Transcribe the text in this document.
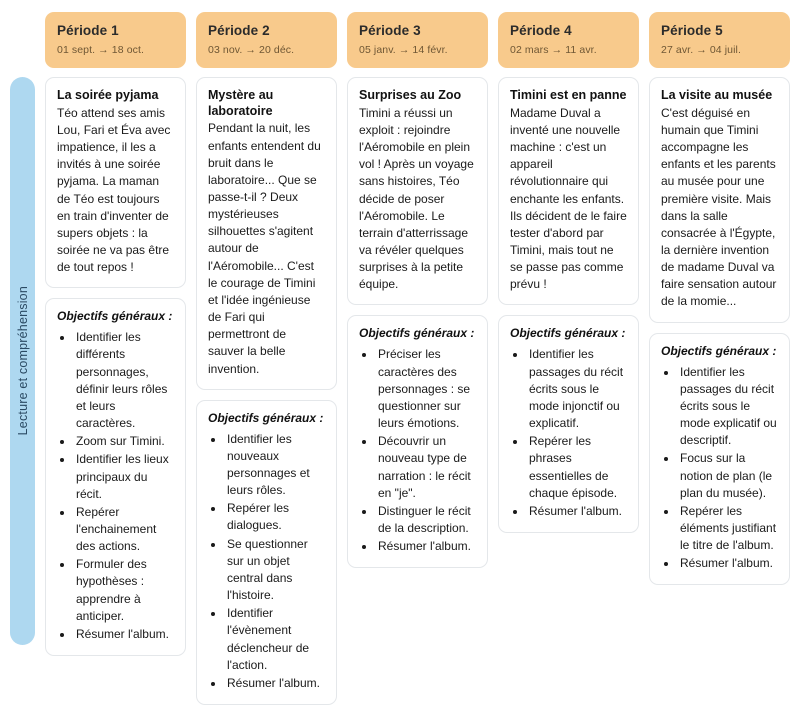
Période 1
01 sept. → 18 oct.
Période 2
03 nov. → 20 déc.
Période 3
05 janv. → 14 févr.
Période 4
02 mars → 11 avr.
Période 5
27 avr. → 04 juil.
Lecture et compréhension
La soirée pyjama
Téo attend ses amis Lou, Fari et Éva avec impatience, il les a invités à une soirée pyjama. La maman de Téo est toujours en train d'inventer de supers objets : la soirée ne va pas être de tout repos !
Objectifs généraux :
• Identifier les différents personnages, définir leurs rôles et leurs caractères.
• Zoom sur Timini.
• Identifier les lieux principaux du récit.
• Repérer l'enchainement des actions.
• Formuler des hypothèses : apprendre à anticiper.
• Résumer l'album.
Mystère au laboratoire
Pendant la nuit, les enfants entendent du bruit dans le laboratoire... Que se passe-t-il ? Deux mystérieuses silhouettes s'agitent autour de l'Aéromobile... C'est le courage de Timini et l'idée ingénieuse de Fari qui permettront de sauver la belle invention.
Objectifs généraux :
• Identifier les nouveaux personnages et leurs rôles.
• Repérer les dialogues.
• Se questionner sur un objet central dans l'histoire.
• Identifier l'évènement déclencheur de l'action.
• Résumer l'album.
Surprises au Zoo
Timini a réussi un exploit : rejoindre l'Aéromobile en plein vol ! Après un voyage sans histoires, Téo décide de poser l'Aéromobile. Le terrain d'atterrissage va révéler quelques surprises à la petite équipe.
Objectifs généraux :
• Préciser les caractères des personnages : se questionner sur leurs émotions.
• Découvrir un nouveau type de narration : le récit en "je".
• Distinguer le récit de la description.
• Résumer l'album.
Timini est en panne
Madame Duval a inventé une nouvelle machine : c'est un appareil révolutionnaire qui enchante les enfants. Ils décident de le faire tester d'abord par Timini, mais tout ne se passe pas comme prévu !
Objectifs généraux :
• Identifier les passages du récit écrits sous le mode injonctif ou explicatif.
• Repérer les phrases essentielles de chaque épisode.
• Résumer l'album.
La visite au musée
C'est déguisé en humain que Timini accompagne les enfants et les parents au musée pour une première visite. Mais dans la salle consacrée à l'Égypte, la dernière invention de madame Duval va faire sensation autour de la momie...
Objectifs généraux :
• Identifier les passages du récit écrits sous le mode explicatif ou descriptif.
• Focus sur la notion de plan (le plan du musée).
• Repérer les éléments justifiant le titre de l'album.
• Résumer l'album.
